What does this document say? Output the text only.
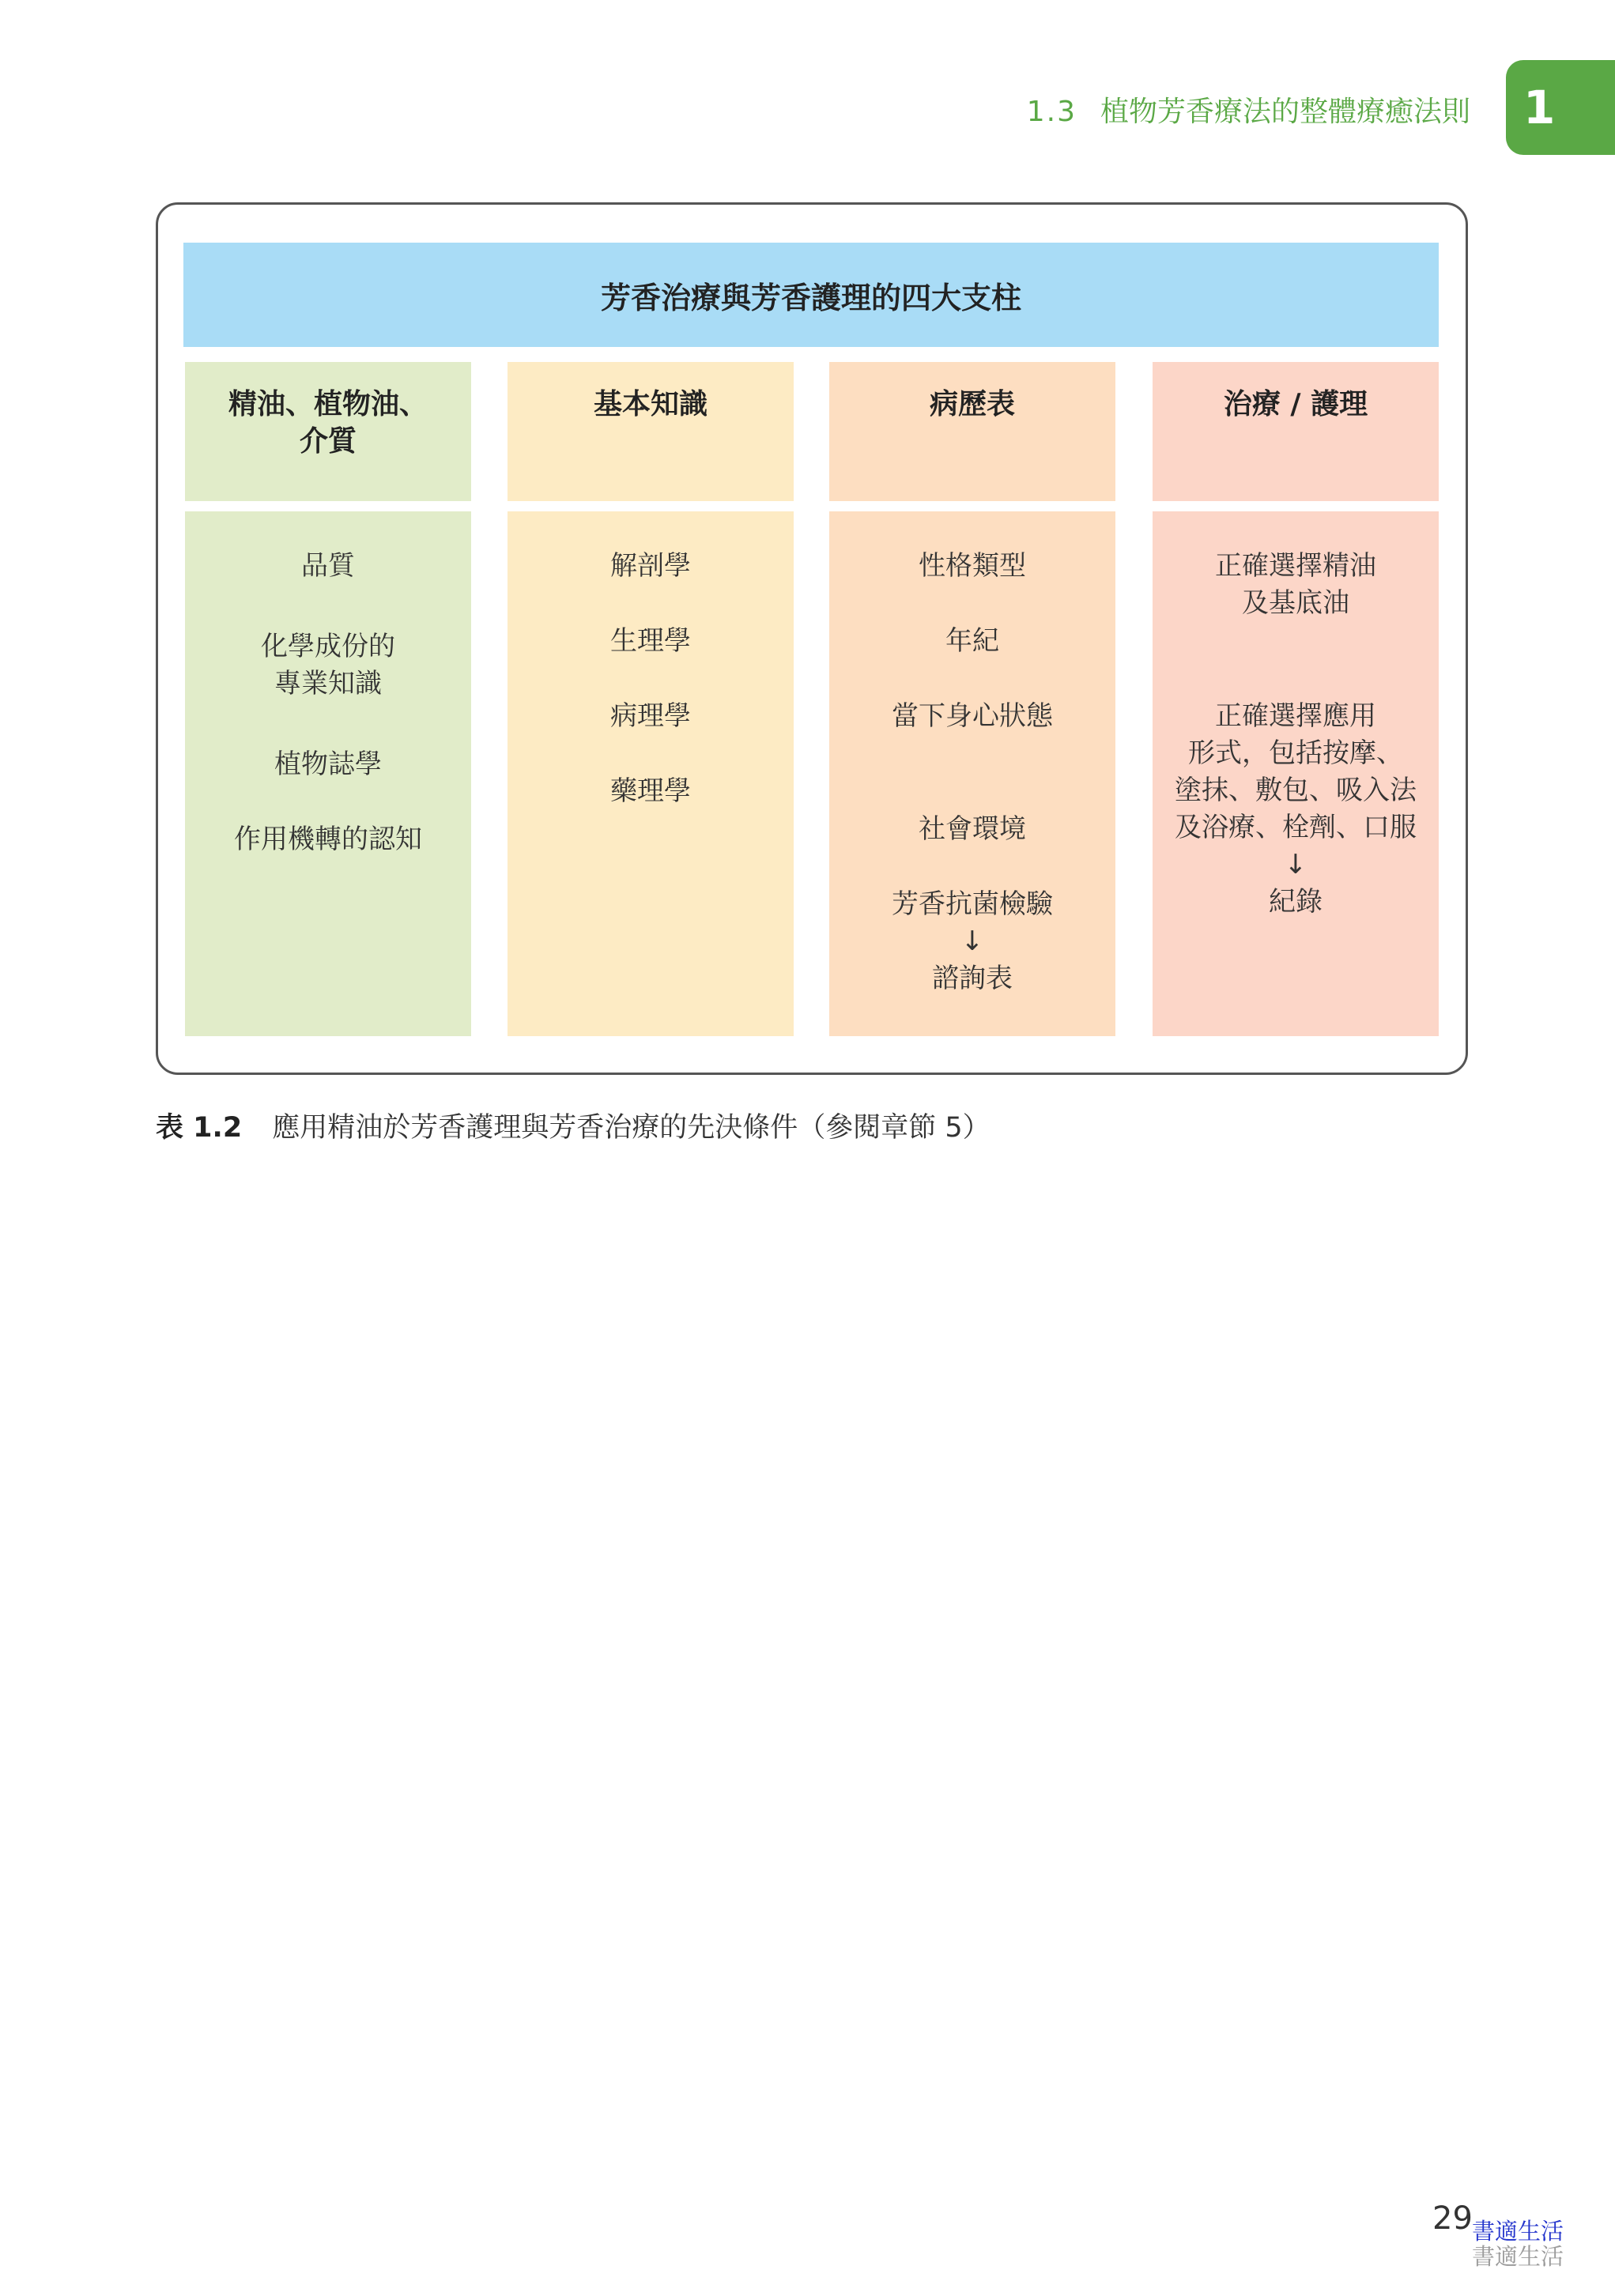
1.3 植物芳香療法的整體療癒法則	1
芳香治療與芳香護理的四大支柱
精油、植物油、
介質
品質
化學成份的
專業知識
植物誌學
作用機轉的認知
基本知識
解剖學
生理學
病理學
藥理學
病歷表
性格類型
年紀
當下身心狀態
社會環境
芳香抗菌檢驗
↓
諮詢表
治療 / 護理
正確選擇精油
及基底油
正確選擇應用
形式，包括按摩、
塗抹、敷包、吸入法
及浴療、栓劑、口服
↓
紀錄
表 1.2 應用精油於芳香護理與芳香治療的先決條件（參閱章節 5）
29 書適生活
書適生活
